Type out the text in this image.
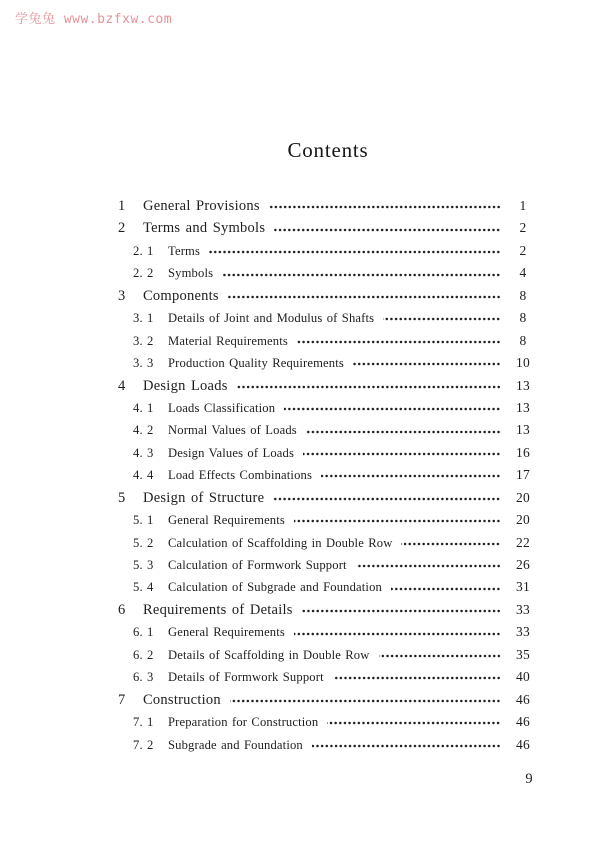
学兔兔 www.bzfxw.com
Contents
1	General Provisions	1
2	Terms and Symbols	2
2. 1	Terms	2
2. 2	Symbols	4
3	Components	8
3. 1	Details of Joint and Modulus of Shafts	8
3. 2	Material Requirements	8
3. 3	Production Quality Requirements	10
4	Design Loads	13
4. 1	Loads Classification	13
4. 2	Normal Values of Loads	13
4. 3	Design Values of Loads	16
4. 4	Load Effects Combinations	17
5	Design of Structure	20
5. 1	General Requirements	20
5. 2	Calculation of Scaffolding in Double Row	22
5. 3	Calculation of Formwork Support	26
5. 4	Calculation of Subgrade and Foundation	31
6	Requirements of Details	33
6. 1	General Requirements	33
6. 2	Details of Scaffolding in Double Row	35
6. 3	Details of Formwork Support	40
7	Construction	46
7. 1	Preparation for Construction	46
7. 2	Subgrade and Foundation	46
9
